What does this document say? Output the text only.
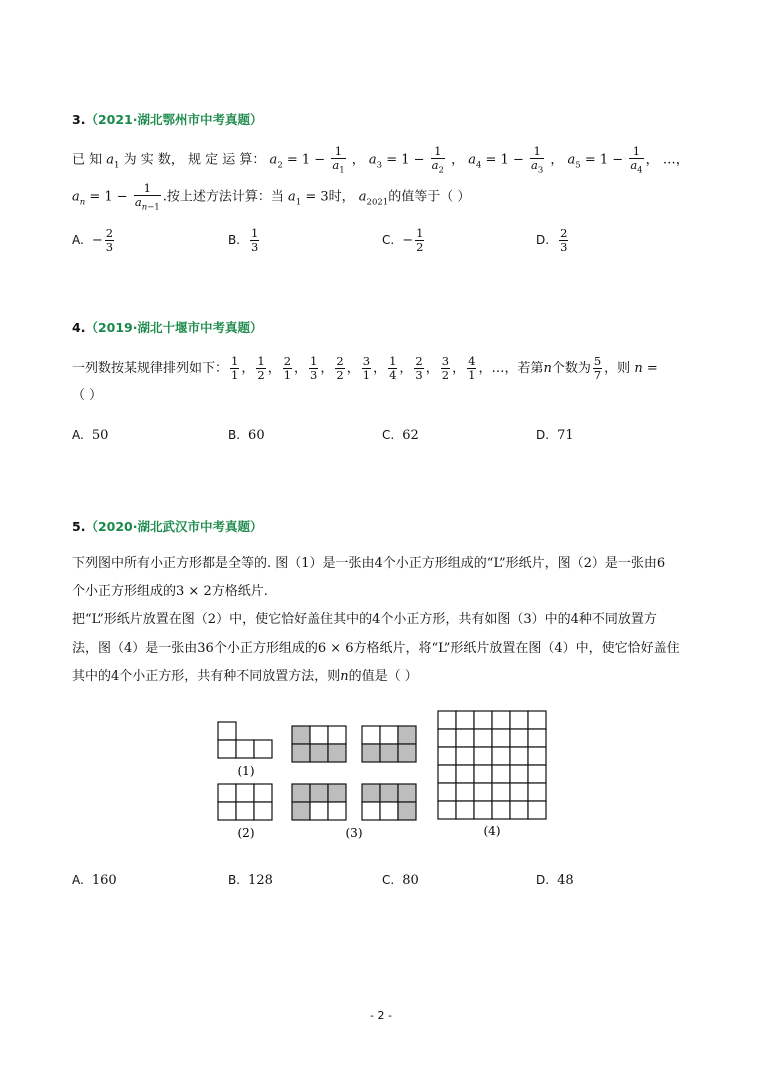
3.（2021·湖北鄂州市中考真题）
已 知 $a_1$ 为 实 数， 规 定 运 算： $a_2 = 1 - \frac{1}{a_1}$ ， $a_3 = 1 - \frac{1}{a_2}$ ， $a_4 = 1 - \frac{1}{a_3}$ ， $a_5 = 1 - \frac{1}{a_4}$ ， …，
$a_n = 1 - \frac{1}{a_{n-1}}$ .按上述方法计算：当 $a_1 = 3$时， $a_{2021}$的值等于（ ）
A. − $\frac{2}{3}$	B. $\frac{1}{3}$	C. − $\frac{1}{2}$	D. $\frac{2}{3}$
4.（2019·湖北十堰市中考真题）
一列数按某规律排列如下： $\frac{1}{1}$ ， $\frac{1}{2}$ ， $\frac{2}{1}$ ， $\frac{1}{3}$ ， $\frac{2}{2}$ ， $\frac{3}{1}$ ， $\frac{1}{4}$ ， $\frac{2}{3}$ ， $\frac{3}{2}$ ， $\frac{4}{1}$ ，…，若第n个数为 $\frac{5}{7}$ ，则 n =
（ ）
A. 50	B. 60	C. 62	D. 71
5.（2020·湖北武汉市中考真题）
下列图中所有小正方形都是全等的. 图（1）是一张由4个小正方形组成的“L”形纸片，图（2）是一张由6
个小正方形组成的3 × 2方格纸片.
把“L”形纸片放置在图（2）中，使它恰好盖住其中的4个小正方形，共有如图（3）中的4种不同放置方
法，图（4）是一张由36个小正方形组成的6 × 6方格纸片，将“L”形纸片放置在图（4）中，使它恰好盖住
其中的4个小正方形，共有种不同放置方法，则n的值是（ ）
(1)
(2)	(3)	(4)
A. 160	B. 128	C. 80	D. 48
- 2 -
